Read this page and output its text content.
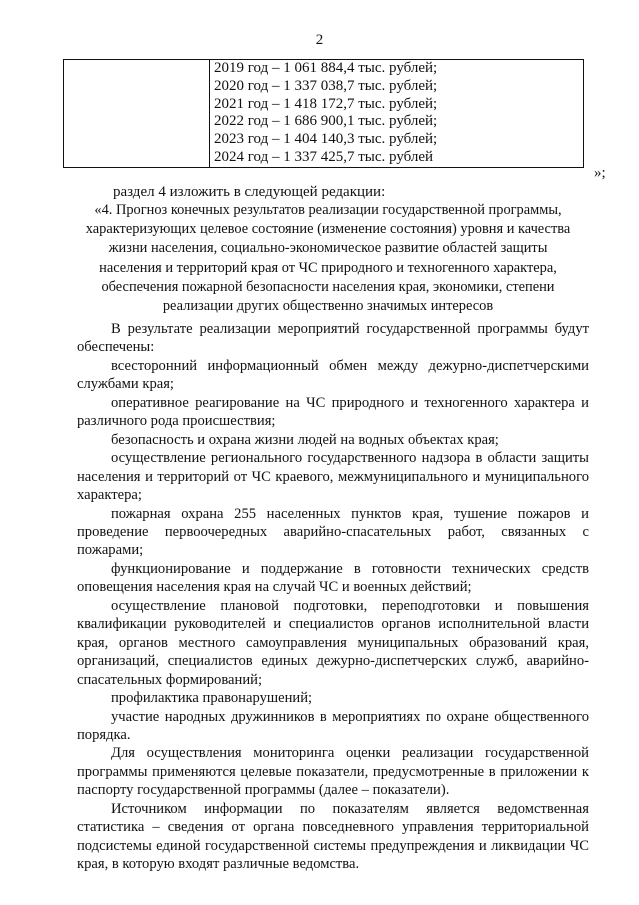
2

2019 год – 1 061 884,4 тыс. рублей;
2020 год – 1 337 038,7 тыс. рублей;
2021 год – 1 418 172,7 тыс. рублей;
2022 год – 1 686 900,1 тыс. рублей;
2023 год – 1 404 140,3 тыс. рублей;
2024 год – 1 337 425,7 тыс. рублей
»;
раздел 4 изложить в следующей редакции:
«4. Прогноз конечных результатов реализации государственной программы, характеризующих целевое состояние (изменение состояния) уровня и качества жизни населения, социально-экономическое развитие областей защиты населения и территорий края от ЧС природного и техногенного характера, обеспечения пожарной безопасности населения края, экономики, степени реализации других общественно значимых интересов

В результате реализации мероприятий государственной программы будут обеспечены:

всесторонний информационный обмен между дежурно-диспетчерскими службами края;

оперативное реагирование на ЧС природного и техногенного характера и различного рода происшествия;

безопасность и охрана жизни людей на водных объектах края;

осуществление регионального государственного надзора в области защиты населения и территорий от ЧС краевого, межмуниципального и муниципального характера;

пожарная охрана 255 населенных пунктов края, тушение пожаров и проведение первоочередных аварийно-спасательных работ, связанных с пожарами;

функционирование и поддержание в готовности технических средств оповещения населения края на случай ЧС и военных действий;

осуществление плановой подготовки, переподготовки и повышения квалификации руководителей и специалистов органов исполнительной власти края, органов местного самоуправления муниципальных образований края, организаций, специалистов единых дежурно-диспетчерских служб, аварийно-спасательных формирований;

профилактика правонарушений;

участие народных дружинников в мероприятиях по охране общественного порядка.

Для осуществления мониторинга оценки реализации государственной программы применяются целевые показатели, предусмотренные в приложении к паспорту государственной программы (далее – показатели).

Источником информации по показателям является ведомственная статистика – сведения от органа повседневного управления территориальной подсистемы единой государственной системы предупреждения и ликвидации ЧС края, в которую входят различные ведомства.
